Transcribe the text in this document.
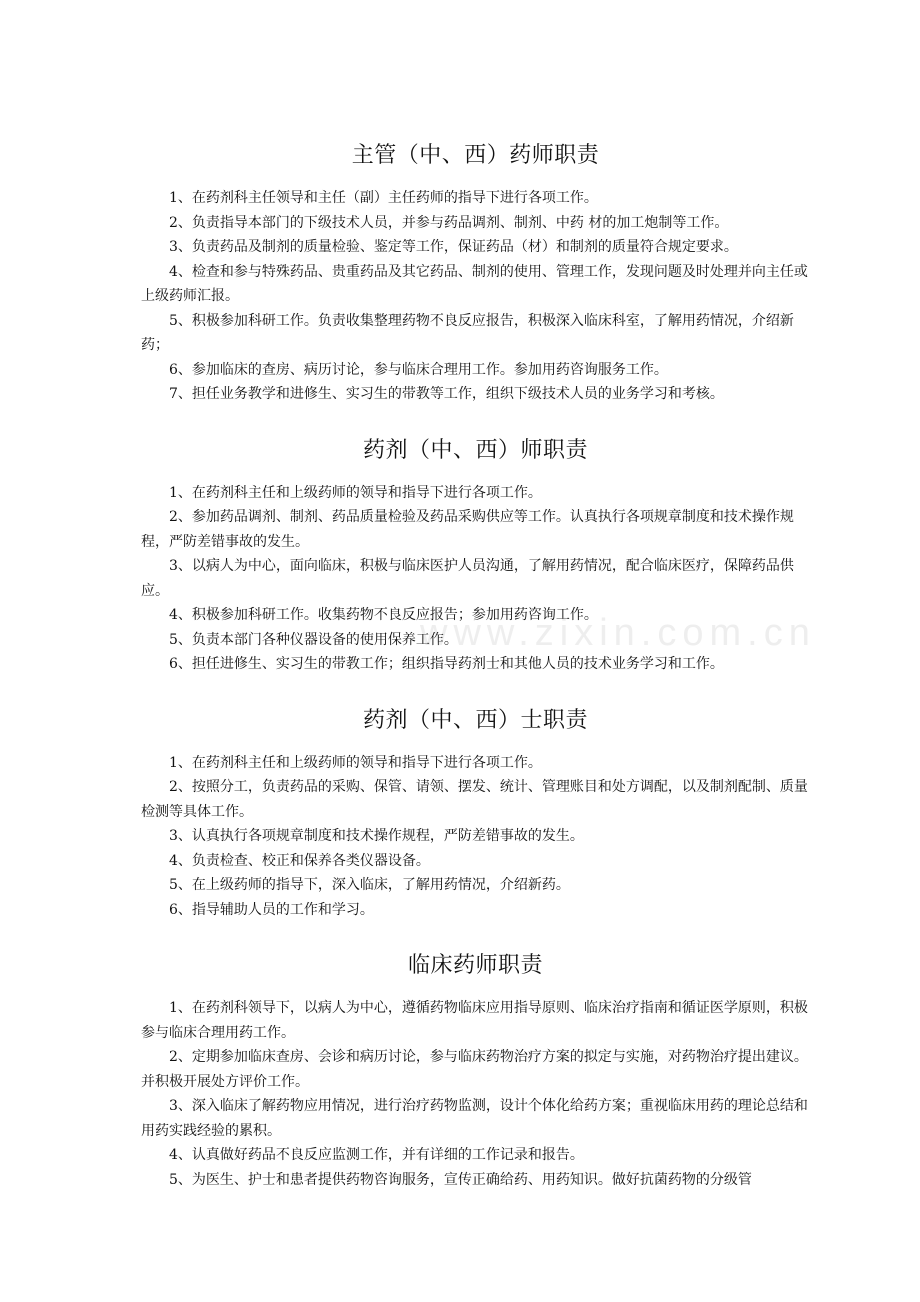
www.zixin.com.cn
主管（中、西）药师职责

1、在药剂科主任领导和主任（副）主任药师的指导下进行各项工作。

2、负责指导本部门的下级技术人员，并参与药品调剂、制剂、中药 材的加工炮制等工作。

3、负责药品及制剂的质量检验、鉴定等工作，保证药品（材）和制剂的质量符合规定要求。

4、检查和参与特殊药品、贵重药品及其它药品、制剂的使用、管理工作，发现问题及时处理并向主任或上级药师汇报。

5、积极参加科研工作。负责收集整理药物不良反应报告，积极深入临床科室，了解用药情况，介绍新药；

6、参加临床的查房、病历讨论，参与临床合理用工作。参加用药咨询服务工作。

7、担任业务教学和进修生、实习生的带教等工作，组织下级技术人员的业务学习和考核。

药剂（中、西）师职责

1、在药剂科主任和上级药师的领导和指导下进行各项工作。

2、参加药品调剂、制剂、药品质量检验及药品采购供应等工作。认真执行各项规章制度和技术操作规程，严防差错事故的发生。

3、以病人为中心，面向临床，积极与临床医护人员沟通，了解用药情况，配合临床医疗，保障药品供应。

4、积极参加科研工作。收集药物不良反应报告；参加用药咨询工作。

5、负责本部门各种仪器设备的使用保养工作。

6、担任进修生、实习生的带教工作；组织指导药剂士和其他人员的技术业务学习和工作。

药剂（中、西）士职责

1、在药剂科主任和上级药师的领导和指导下进行各项工作。

2、按照分工，负责药品的采购、保管、请领、摆发、统计、管理账目和处方调配，以及制剂配制、质量检测等具体工作。

3、认真执行各项规章制度和技术操作规程，严防差错事故的发生。

4、负责检查、校正和保养各类仪器设备。

5、在上级药师的指导下，深入临床，了解用药情况，介绍新药。

6、指导辅助人员的工作和学习。

临床药师职责

1、在药剂科领导下，以病人为中心，遵循药物临床应用指导原则、临床治疗指南和循证医学原则，积极参与临床合理用药工作。

2、定期参加临床查房、会诊和病历讨论，参与临床药物治疗方案的拟定与实施，对药物治疗提出建议。并积极开展处方评价工作。

3、深入临床了解药物应用情况，进行治疗药物监测，设计个体化给药方案；重视临床用药的理论总结和用药实践经验的累积。

4、认真做好药品不良反应监测工作，并有详细的工作记录和报告。

5、为医生、护士和患者提供药物咨询服务，宣传正确给药、用药知识。做好抗菌药物的分级管
